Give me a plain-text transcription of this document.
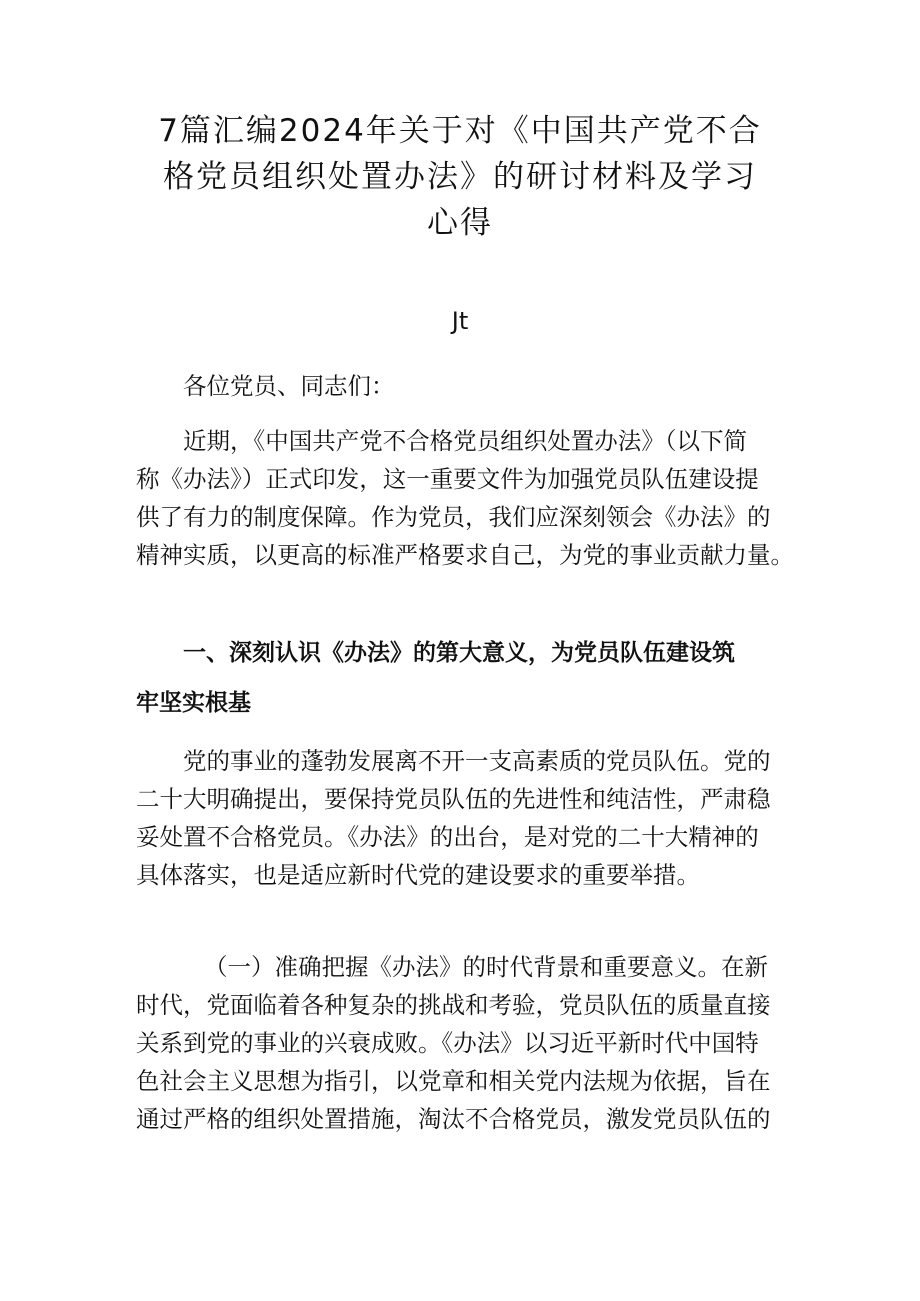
7篇汇编2024年关于对《中国共产党不合
格党员组织处置办法》的研讨材料及学习
心得
Jt

各位党员、同志们：

近期，《中国共产党不合格党员组织处置办法》（以下简
称《办法》）正式印发，这一重要文件为加强党员队伍建设提
供了有力的制度保障。作为党员，我们应深刻领会《办法》的
精神实质，以更高的标准严格要求自己，为党的事业贡献力量。

一、深刻认识《办法》的第大意义，为党员队伍建设筑
牢坚实根基

党的事业的蓬勃发展离不开一支高素质的党员队伍。党的
二十大明确提出，要保持党员队伍的先进性和纯洁性，严肃稳
妥处置不合格党员。《办法》的出台，是对党的二十大精神的
具体落实，也是适应新时代党的建设要求的重要举措。

（一）准确把握《办法》的时代背景和重要意义。在新
时代，党面临着各种复杂的挑战和考验，党员队伍的质量直接
关系到党的事业的兴衰成败。《办法》以习近平新时代中国特
色社会主义思想为指引，以党章和相关党内法规为依据，旨在
通过严格的组织处置措施，淘汰不合格党员，激发党员队伍的
